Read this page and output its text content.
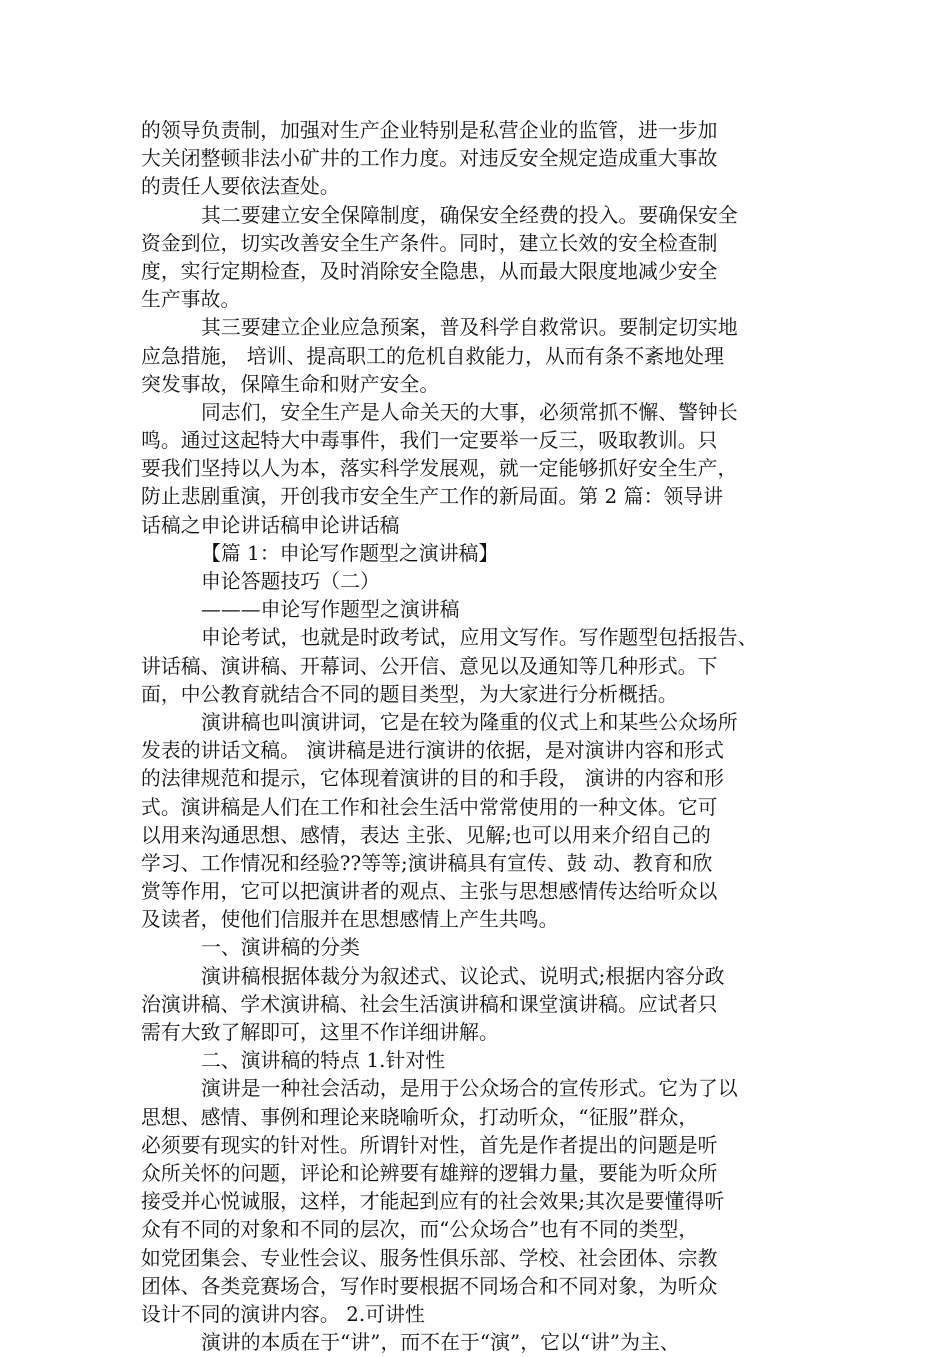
的领导负责制，加强对生产企业特别是私营企业的监管，进一步加
大关闭整顿非法小矿井的工作力度。对违反安全规定造成重大事故
的责任人要依法查处。
其二要建立安全保障制度，确保安全经费的投入。要确保安全
资金到位，切实改善安全生产条件。同时，建立长效的安全检查制
度，实行定期检查，及时消除安全隐患，从而最大限度地减少安全
生产事故。
其三要建立企业应急预案，普及科学自救常识。要制定切实地
应急措施， 培训、提高职工的危机自救能力，从而有条不紊地处理
突发事故，保障生命和财产安全。
同志们，安全生产是人命关天的大事，必须常抓不懈、警钟长
鸣。通过这起特大中毒事件，我们一定要举一反三，吸取教训。只
要我们坚持以人为本，落实科学发展观，就一定能够抓好安全生产，
防止悲剧重演，开创我市安全生产工作的新局面。第 2 篇：领导讲
话稿之申论讲话稿申论讲话稿
【篇 1：申论写作题型之演讲稿】
申论答题技巧（二）
———申论写作题型之演讲稿
申论考试，也就是时政考试，应用文写作。写作题型包括报告、
讲话稿、演讲稿、开幕词、公开信、意见以及通知等几种形式。下
面，中公教育就结合不同的题目类型，为大家进行分析概括。
演讲稿也叫演讲词，它是在较为隆重的仪式上和某些公众场所
发表的讲话文稿。 演讲稿是进行演讲的依据，是对演讲内容和形式
的法律规范和提示，它体现着演讲的目的和手段， 演讲的内容和形
式。演讲稿是人们在工作和社会生活中常常使用的一种文体。它可
以用来沟通思想、感情，表达 主张、见解;也可以用来介绍自己的
学习、工作情况和经验??等等;演讲稿具有宣传、鼓 动、教育和欣
赏等作用，它可以把演讲者的观点、主张与思想感情传达给听众以
及读者，使他们信服并在思想感情上产生共鸣。
一、演讲稿的分类
演讲稿根据体裁分为叙述式、议论式、说明式;根据内容分政
治演讲稿、学术演讲稿、社会生活演讲稿和课堂演讲稿。应试者只
需有大致了解即可，这里不作详细讲解。
二、演讲稿的特点 1.针对性
演讲是一种社会活动，是用于公众场合的宣传形式。它为了以
思想、感情、事例和理论来晓喻听众，打动听众，“征服”群众，
必须要有现实的针对性。所谓针对性，首先是作者提出的问题是听
众所关怀的问题，评论和论辨要有雄辩的逻辑力量，要能为听众所
接受并心悦诚服，这样，才能起到应有的社会效果;其次是要懂得听
众有不同的对象和不同的层次，而“公众场合”也有不同的类型，
如党团集会、专业性会议、服务性俱乐部、学校、社会团体、宗教
团体、各类竞赛场合，写作时要根据不同场合和不同对象，为听众
设计不同的演讲内容。 2.可讲性
演讲的本质在于“讲”，而不在于“演”，它以“讲”为主、
